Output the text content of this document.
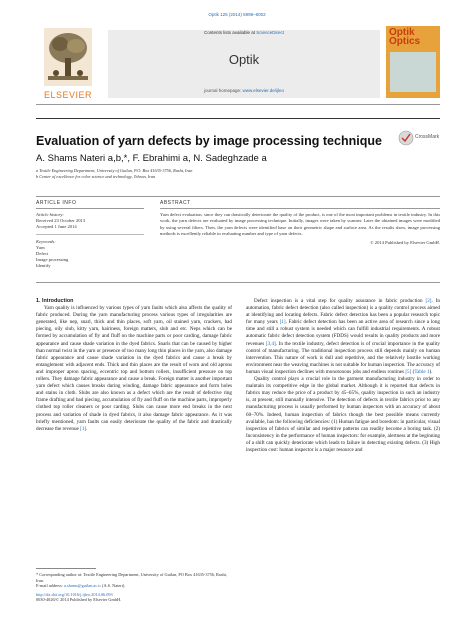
Optik 125 (2014) 5998–6002
ELSEVIER
Contents lists available at ScienceDirect
Optik
journal homepage: www.elsevier.de/ijleo
Optik
Optics
Evaluation of yarn defects by image processing technique	CrossMark
A. Shams Nateri a,b,*, F. Ebrahimi a, N. Sadeghzade a
a Textile Engineering Department, University of Guilan, P.O. Box 41635-3756, Rasht, Iran
b Center of excellence for color science and technology, Tehran, Iran
ARTICLE INFO	ABSTRACT
Article history:
Received 23 October 2013
Accepted 1 June 2014
Keywords:
Yarn
Defect
Image processing
Identify
Yarn defect evaluation, since they can drastically deteriorate the quality of the product, is one of the most important problems in textile industry. In this work, the yarn defects are evaluated by image processing technique. Initially, images were taken by scanner. Later the obtained images were modified by using several filters. Then, the yarn defects were identified base on their geometric shape and surface area. As the results show, image processing methods is excellently reliable in evaluating number and type of yarn defects.
© 2014 Published by Elsevier GmbH.

1. Introduction

Yarn quality is influenced by various types of yarn faults which also affects the quality of fabric produced. During the yarn manufacturing process various types of irregularities are generated, like nep, snarl, thick and thin places, soft yarn, oil stained yarn, crackers, bad piecing, oily slub, kitty yarn, hairiness, foreign matters, slub and etc. Neps which can be formed by accumulation of fly and fluff on the machine parts or poor carding, damage fabric appearance and cause shade variation in the dyed fabrics. Snarls that can be caused by higher than normal twist in the yarn or presence of too many long thin places in the yarn, also damage fabric appearance and cause shade variation in the dyed fabrics and cause a break by entanglement with adjacent ends. Thick and thin places are the result of worn and old aprons and improper apron spacing, eccentric top and bottom rollers, insufficient pressure on top rollers. They damage fabric appearance and cause a break. Foreign matter is another important yarn defect which causes breaks during winding, damage fabric appearance and form holes and stains in cloth. Slubs are also known as a defect which are the result of defective ring frame drafting and bad piecing, accumulation of fly and fluff on the machine parts, improperly clothed top roller cleaners or poor carding. Slubs can cause more end breaks in the next process and variation of shade in dyed fabrics, it also damage fabric appearance. As it was briefly mentioned, yarn faults can easily deteriorate the quality of the fabric and drastically decrease the revenue [1].

Defect inspection is a vital step for quality assurance in fabric production [2]. In automation, fabric defect detection (also called inspection) is a quality control process aimed at identifying and locating defects. Fabric defect detection has been a popular research topic for many years [1]. Fabric defect detection has been an active area of research since a long time and still a robust system is needed which can fulfill industrial requirements. A robust automatic fabric defect detection system (FDDS) would results in quality products and more revenues [3,4]. In the textile industry, defect detection is of crucial importance in the quality control of manufacturing. The traditional inspection process still depends mainly on human intervention. This nature of work is dull and repetitive, and the relatively hostile working environment near the weaving machines is not suitable for human inspection. The accuracy of human visual inspection declines with monotonous jobs and endless routines [5] (Table 1).

Quality control plays a crucial role in the garment manufacturing industry in order to maintain its competitive edge in the global market. Although it is reported that defects in fabrics may reduce the price of a product by 45–65%, quality inspection in such an industry is, at present, still manually intensive. The detection of defects in textile fabrics prior to any manufacturing process is usually performed by human inspectors with an accuracy of about 60–70%. Indeed, human inspection of fabrics though the best possible means currently available, has the following deficiencies: (1) Human fatigue and boredom: in particular, visual inspection of fabrics of similar and repetitive patterns can readily become a boring task. (2) Inconsistency in the performance of human inspectors: for example, alertness at the beginning of a shift can quickly deteriorate which leads to failure in detecting existing defects. (3) High inspection cost: human inspector is a major resource and

* Corresponding author at: Textile Engineering Department, University of Guilan, PO Box 41635-3756, Rasht, Iran.
E-mail address: a.shams@guilan.ac.ir (A.S. Nateri).
http://dx.doi.org/10.1016/j.ijleo.2014.06.093
0030-4026/© 2014 Published by Elsevier GmbH.
